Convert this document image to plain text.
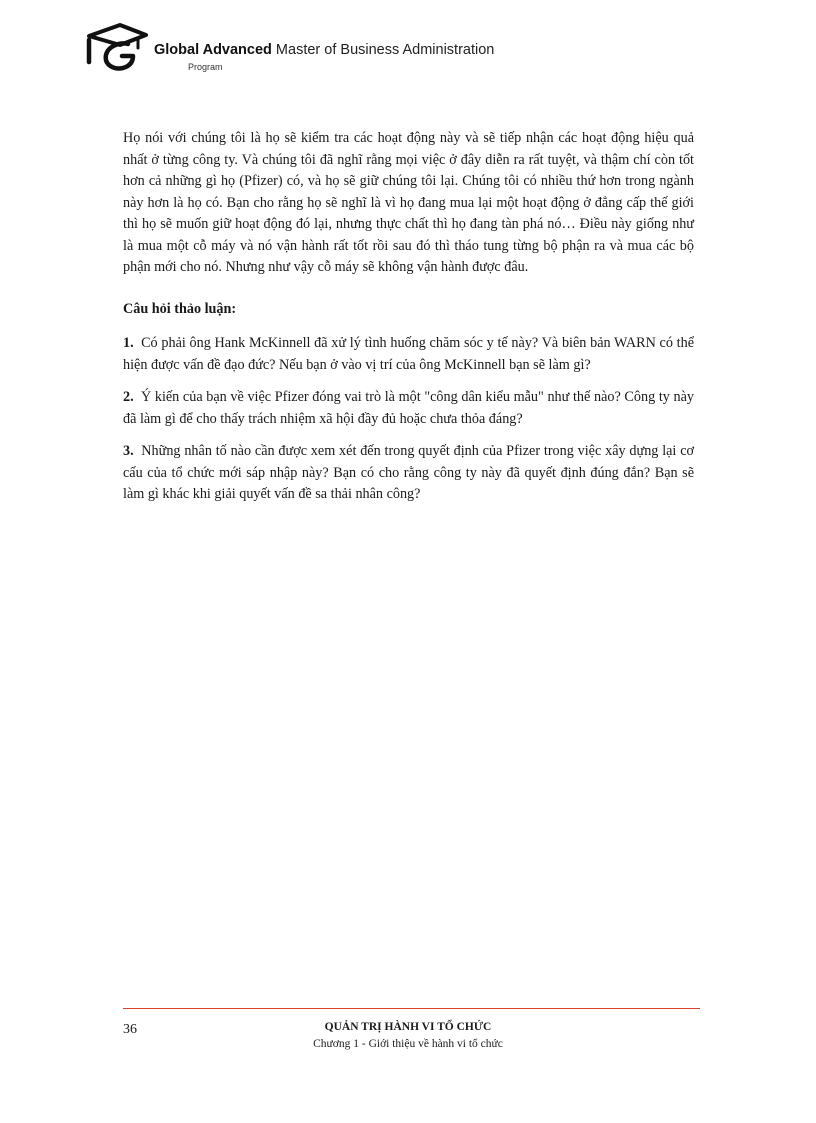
Global Advanced Master of Business Administration
Program

Họ nói với chúng tôi là họ sẽ kiểm tra các hoạt động này và sẽ tiếp nhận các hoạt động hiệu quả nhất ở từng công ty. Và chúng tôi đã nghĩ rằng mọi việc ở đây diễn ra rất tuyệt, và thậm chí còn tốt hơn cả những gì họ (Pfizer) có, và họ sẽ giữ chúng tôi lại. Chúng tôi có nhiều thứ hơn trong ngành này hơn là họ có. Bạn cho rằng họ sẽ nghĩ là vì họ đang mua lại một hoạt động ở đẳng cấp thế giới thì họ sẽ muốn giữ hoạt động đó lại, nhưng thực chất thì họ đang tàn phá nó… Điều này giống như là mua một cỗ máy và nó vận hành rất tốt rồi sau đó thì tháo tung từng bộ phận ra và mua các bộ phận mới cho nó. Nhưng như vậy cỗ máy sẽ không vận hành được đâu.

Câu hỏi thảo luận:

1. Có phải ông Hank McKinnell đã xử lý tình huống chăm sóc y tế này? Và biên bản WARN có thể hiện được vấn đề đạo đức? Nếu bạn ở vào vị trí của ông McKinnell bạn sẽ làm gì?

2. Ý kiến của bạn về việc Pfizer đóng vai trò là một "công dân kiểu mẫu" như thế nào? Công ty này đã làm gì để cho thấy trách nhiệm xã hội đầy đủ hoặc chưa thỏa đáng?

3. Những nhân tố nào cần được xem xét đến trong quyết định của Pfizer trong việc xây dựng lại cơ cấu của tổ chức mới sáp nhập này? Bạn có cho rằng công ty này đã quyết định đúng đắn? Bạn sẽ làm gì khác khi giải quyết vấn đề sa thải nhân công?

36	QUẢN TRỊ HÀNH VI TỔ CHỨC
Chương 1 - Giới thiệu về hành vi tổ chức
